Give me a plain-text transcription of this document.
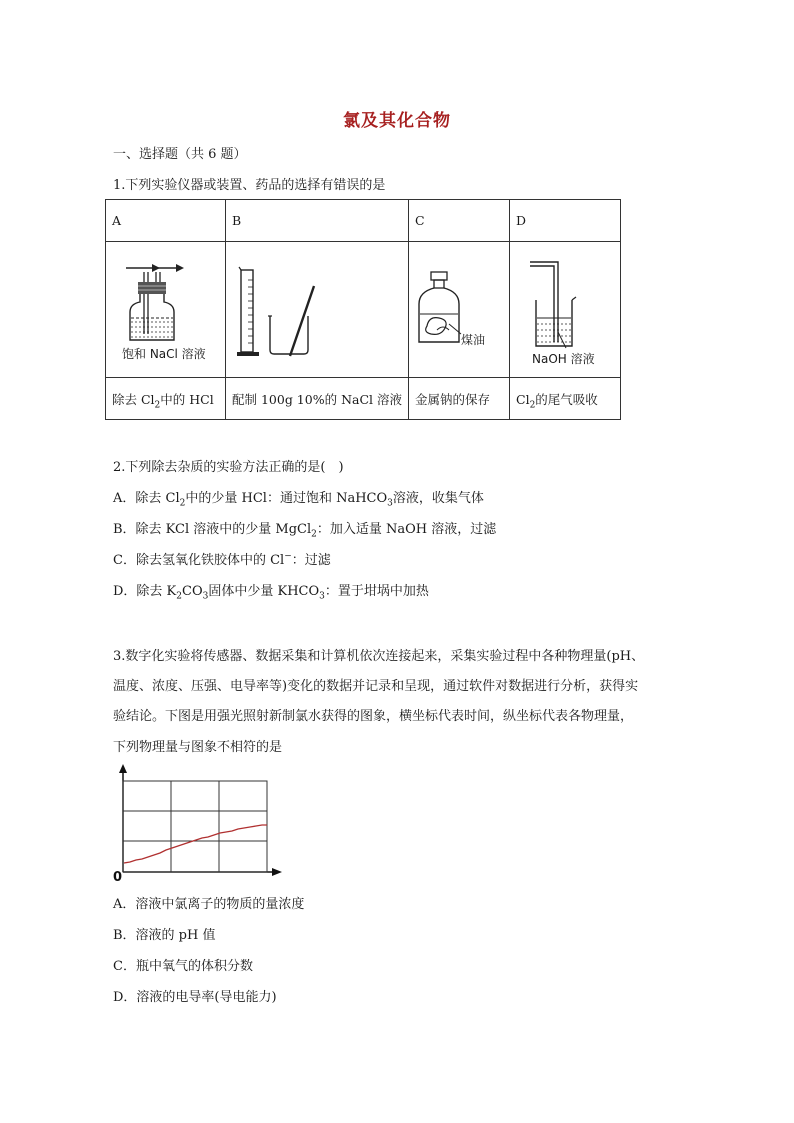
氯及其化合物
一、选择题（共 6 题）
1.下列实验仪器或装置、药品的选择有错误的是
A	B	C	D

饱和 NaCl 溶液		煤油	NaOH 溶液

除去 $Cl_2$中的 HCl	配制 100g 10%的 NaCl 溶液	金属钠的保存	$Cl_2$的尾气吸收
2.下列除去杂质的实验方法正确的是(　)
A．除去 $Cl_2$中的少量 HCl：通过饱和 NaHCO$_3$溶液，收集气体
B．除去 KCl 溶液中的少量 MgCl$_2$：加入适量 NaOH 溶液，过滤
C．除去氢氧化铁胶体中的 Cl−：过滤
D．除去 $K_2CO_3$固体中少量 $KHCO_3$：置于坩埚中加热
3.数字化实验将传感器、数据采集和计算机依次连接起来，采集实验过程中各种物理量(pH、
温度、浓度、压强、电导率等)变化的数据并记录和呈现，通过软件对数据进行分析，获得实
验结论。下图是用强光照射新制氯水获得的图象，横坐标代表时间，纵坐标代表各物理量，
下列物理量与图象不相符的是
0
A．溶液中氯离子的物质的量浓度
B．溶液的 pH 值
C．瓶中氧气的体积分数
D．溶液的电导率(导电能力)
